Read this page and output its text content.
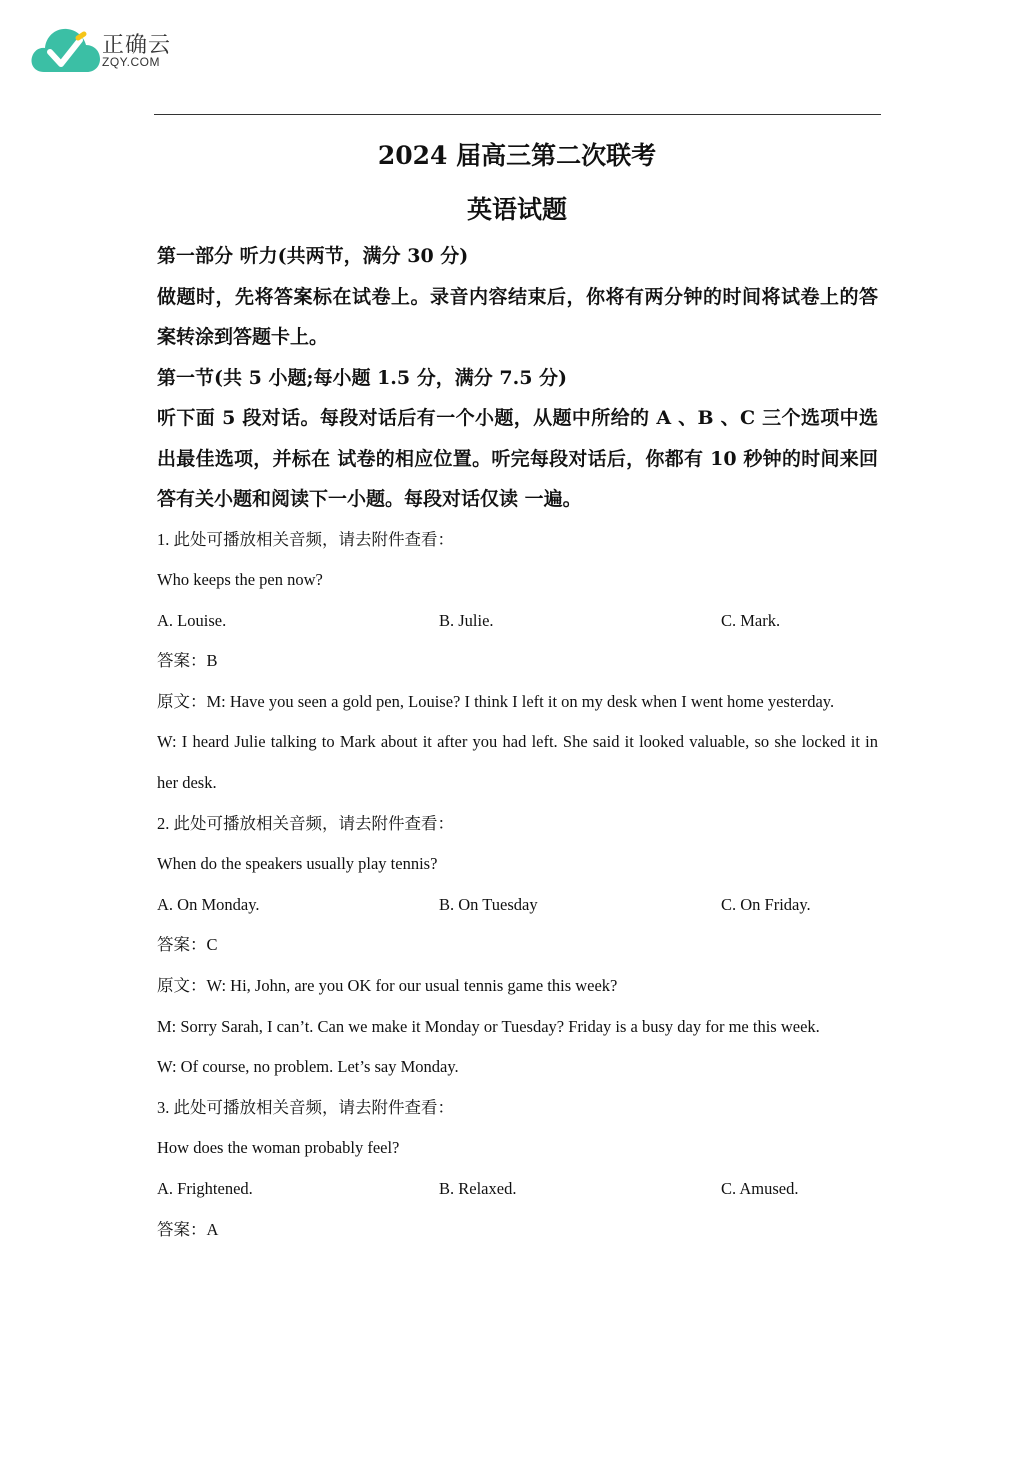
正确云
ZQY.COM
2024 届高三第二次联考
英语试题

第一部分 听力(共两节，满分 30 分)

做题时，先将答案标在试卷上。录音内容结束后，你将有两分钟的时间将试卷上的答案转涂到答题卡上。

第一节(共 5 小题;每小题 1.5 分，满分 7.5 分)

听下面 5 段对话。每段对话后有一个小题，从题中所给的 A 、B 、C 三个选项中选出最佳选项，并标在 试卷的相应位置。听完每段对话后，你都有 10 秒钟的时间来回答有关小题和阅读下一小题。每段对话仅读 一遍。

1. 此处可播放相关音频，请去附件查看：

Who keeps the pen now?

A. Louise.	B. Julie.	C. Mark.

答案：B

原文：M: Have you seen a gold pen, Louise? I think I left it on my desk when I went home yesterday.

W: I heard Julie talking to Mark about it after you had left. She said it looked valuable, so she locked it in her desk.

2. 此处可播放相关音频，请去附件查看：

When do the speakers usually play tennis?

A. On Monday.	B. On Tuesday	C. On Friday.

答案：C

原文：W: Hi, John, are you OK for our usual tennis game this week?

M: Sorry Sarah, I can’t. Can we make it Monday or Tuesday? Friday is a busy day for me this week.

W: Of course, no problem. Let’s say Monday.

3. 此处可播放相关音频，请去附件查看：

How does the woman probably feel?

A. Frightened.	B. Relaxed.	C. Amused.

答案：A
